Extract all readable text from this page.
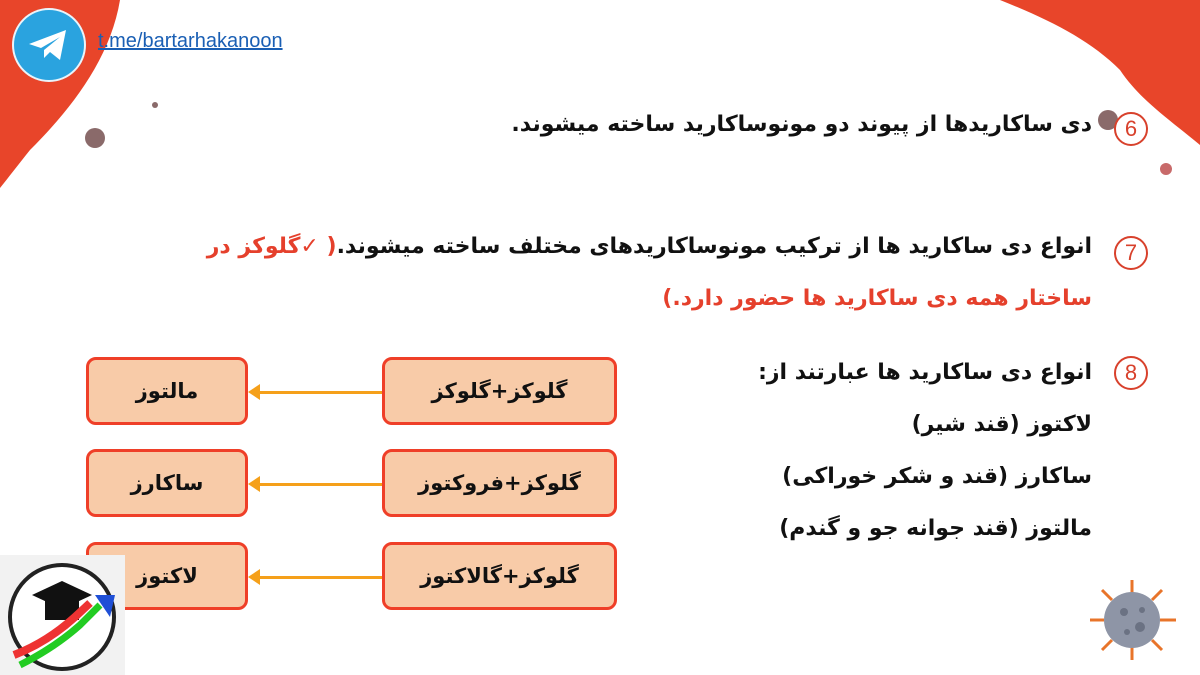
t.me/bartarhakanoon
6
دی ساکاریدها از پیوند دو مونوساکارید ساخته میشوند.
7
انواع دی ساکارید ها از ترکیب مونوساکاریدهای مختلف ساخته میشوند.( ✓گلوکز در
ساختار همه دی ساکارید ها حضور دارد.)
8
انواع دی ساکارید ها عبارتند از:
لاکتوز (قند شیر)
ساکارز (قند و شکر خوراکی)
مالتوز (قند جوانه جو و گندم)
گلوکز+گلوکز
مالتوز
گلوکز+فروکتوز
ساکارز
گلوکز+گالاکتوز
لاکتوز
